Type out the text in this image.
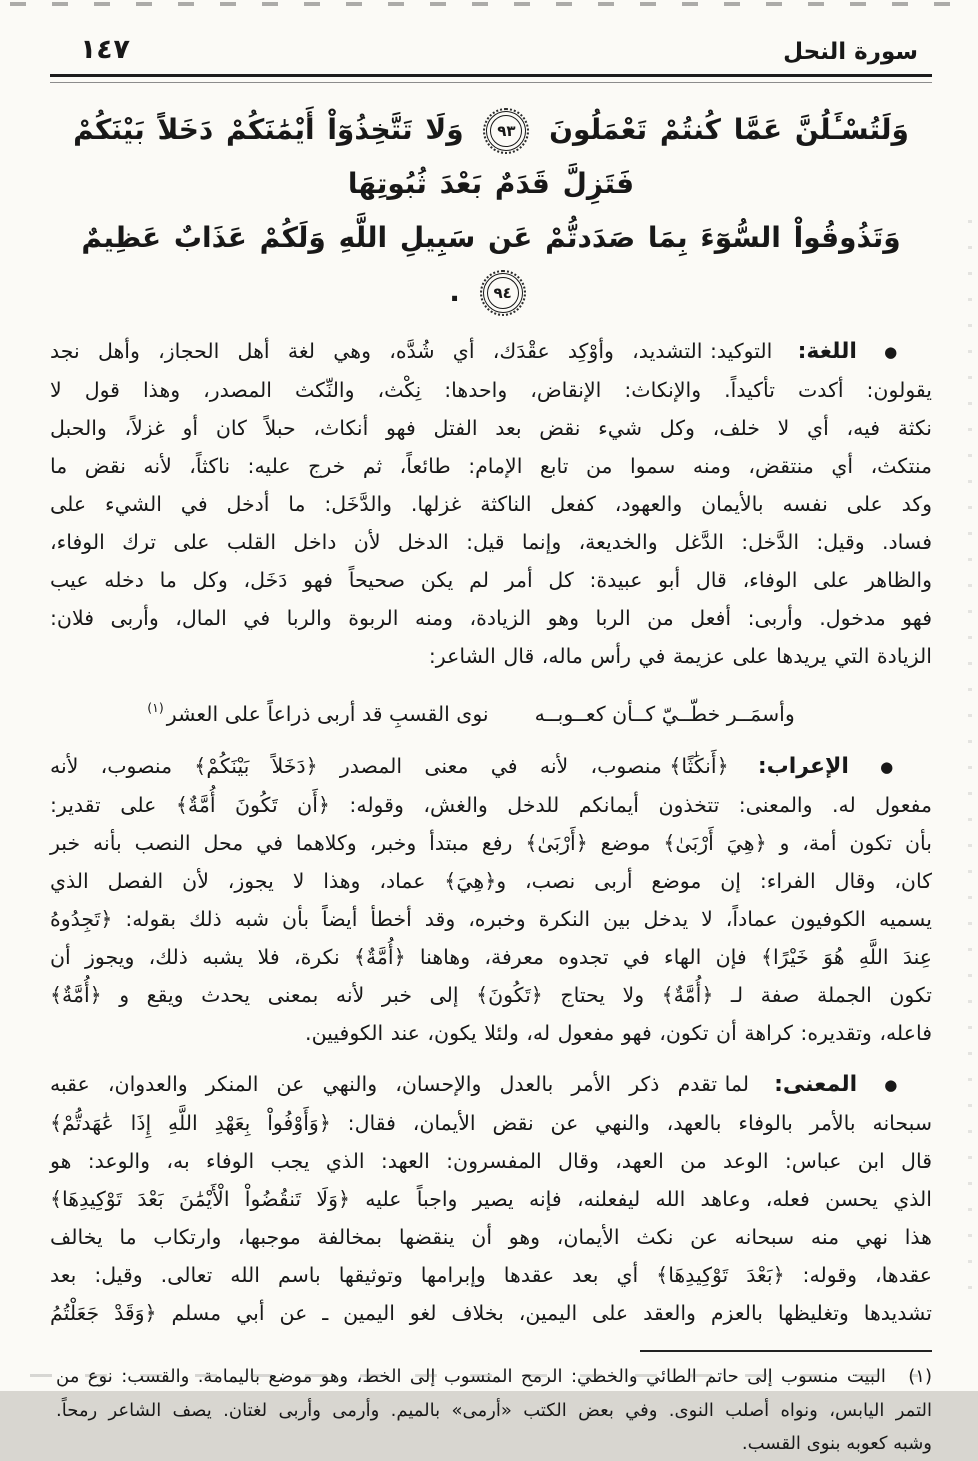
سورة النحل
١٤٧
وَلَتُسْـَٔلُنَّ عَمَّا كُنتُمْ تَعْمَلُونَ
٩٣
وَلَا تَتَّخِذُوٓاْ أَيْمَٰنَكُمْ دَخَلاً بَيْنَكُمْ فَتَزِلَّ قَدَمٌ بَعْدَ ثُبُوتِهَا
وَتَذُوقُواْ السُّوٓءَ بِمَا صَدَدتُّمْ عَن سَبِيلِ اللَّهِ وَلَكُمْ عَذَابٌ عَظِيمٌ
٩٤
.
● اللغة: التوكيد: التشديد، وأوْكِد عقْدَك، أي شُدَّه، وهي لغة أهل الحجاز، وأهل نجد
يقولون: أكدت تأكيداً. والإنكاث: الإنقاض، واحدها: نِكْث، والنِّكث المصدر، وهذا قول لا
نكثة فيه، أي لا خلف، وكل شيء نقض بعد الفتل فهو أنكاث، حبلاً كان أو غزلاً، والحبل
منتكث، أي منتقض، ومنه سموا من تابع الإمام: طائعاً، ثم خرج عليه: ناكثاً، لأنه نقض ما
وكد على نفسه بالأيمان والعهود، كفعل الناكثة غزلها. والدَّخَل: ما أدخل في الشيء على
فساد. وقيل: الدَّخل: الدَّغل والخديعة، وإنما قيل: الدخل لأن داخل القلب على ترك الوفاء،
والظاهر على الوفاء، قال أبو عبيدة: كل أمر لم يكن صحيحاً فهو دَخَل، وكل ما دخله عيب
فهو مدخول. وأربى: أفعل من الربا وهو الزيادة، ومنه الربوة والربا في المال، وأربى فلان:
الزيادة التي يريدها على عزيمة في رأس ماله، قال الشاعر:
وأسمَــر خطّــيّ كــأن كعــوبــه
نوى القسبِ قد أربى ذراعاً على العشر$^{(١)}$
● الإعراب: ﴿أَنكَٰثًا﴾ منصوب، لأنه في معنى المصدر ﴿دَخَلاً بَيْنَكُمْ﴾ منصوب، لأنه
مفعول له. والمعنى: تتخذون أيمانكم للدخل والغش، وقوله: ﴿أَن تَكُونَ أُمَّةٌ﴾ على تقدير:
بأن تكون أمة، و ﴿هِيَ أَرْبَىٰ﴾ موضع ﴿أَرْبَىٰ﴾ رفع مبتدأ وخبر، وكلاهما في محل النصب بأنه خبر
كان، وقال الفراء: إن موضع أربى نصب، و﴿هِيَ﴾ عماد، وهذا لا يجوز، لأن الفصل الذي
يسميه الكوفيون عماداً، لا يدخل بين النكرة وخبره، وقد أخطأ أيضاً بأن شبه ذلك بقوله: ﴿تَجِدُوهُ
عِندَ اللَّهِ هُوَ خَيْرًا﴾ فإن الهاء في تجدوه معرفة، وهاهنا ﴿أُمَّةٌ﴾ نكرة، فلا يشبه ذلك، ويجوز أن
تكون الجملة صفة لـ ﴿أُمَّةٌ﴾ ولا يحتاج ﴿تَكُونَ﴾ إلى خبر لأنه بمعنى يحدث ويقع و ﴿أُمَّةٌ﴾
فاعله، وتقديره: كراهة أن تكون، فهو مفعول له، ولئلا يكون، عند الكوفيين.
● المعنى: لما تقدم ذكر الأمر بالعدل والإحسان، والنهي عن المنكر والعدوان، عقبه
سبحانه بالأمر بالوفاء بالعهد، والنهي عن نقض الأيمان، فقال: ﴿وَأَوْفُواْ بِعَهْدِ اللَّهِ إِذَا عَٰهَدتُّمْ﴾
قال ابن عباس: الوعد من العهد، وقال المفسرون: العهد: الذي يجب الوفاء به، والوعد: هو
الذي يحسن فعله، وعاهد الله ليفعلنه، فإنه يصير واجباً عليه ﴿وَلَا تَنقُضُواْ الْأَيْمَٰنَ بَعْدَ تَوْكِيدِهَا﴾
هذا نهي منه سبحانه عن نكث الأيمان، وهو أن ينقضها بمخالفة موجبها، وارتكاب ما يخالف
عقدها، وقوله: ﴿بَعْدَ تَوْكِيدِهَا﴾ أي بعد عقدها وإبرامها وتوثيقها باسم الله تعالى. وقيل: بعد
تشديدها وتغليظها بالعزم والعقد على اليمين، بخلاف لغو اليمين ـ عن أبي مسلم ﴿وَقَدْ جَعَلْتُمُ
(١) البيت منسوب إلى حاتم الطائي والخطي: الرمح المنسوب إلى الخط، وهو موضع باليمامة. والقسب: نوع من
التمر اليابس، ونواه أصلب النوى. وفي بعض الكتب «أرمى» بالميم. وأرمى وأربى لغتان. يصف الشاعر رمحاً.
وشبه كعوبه بنوى القسب.
